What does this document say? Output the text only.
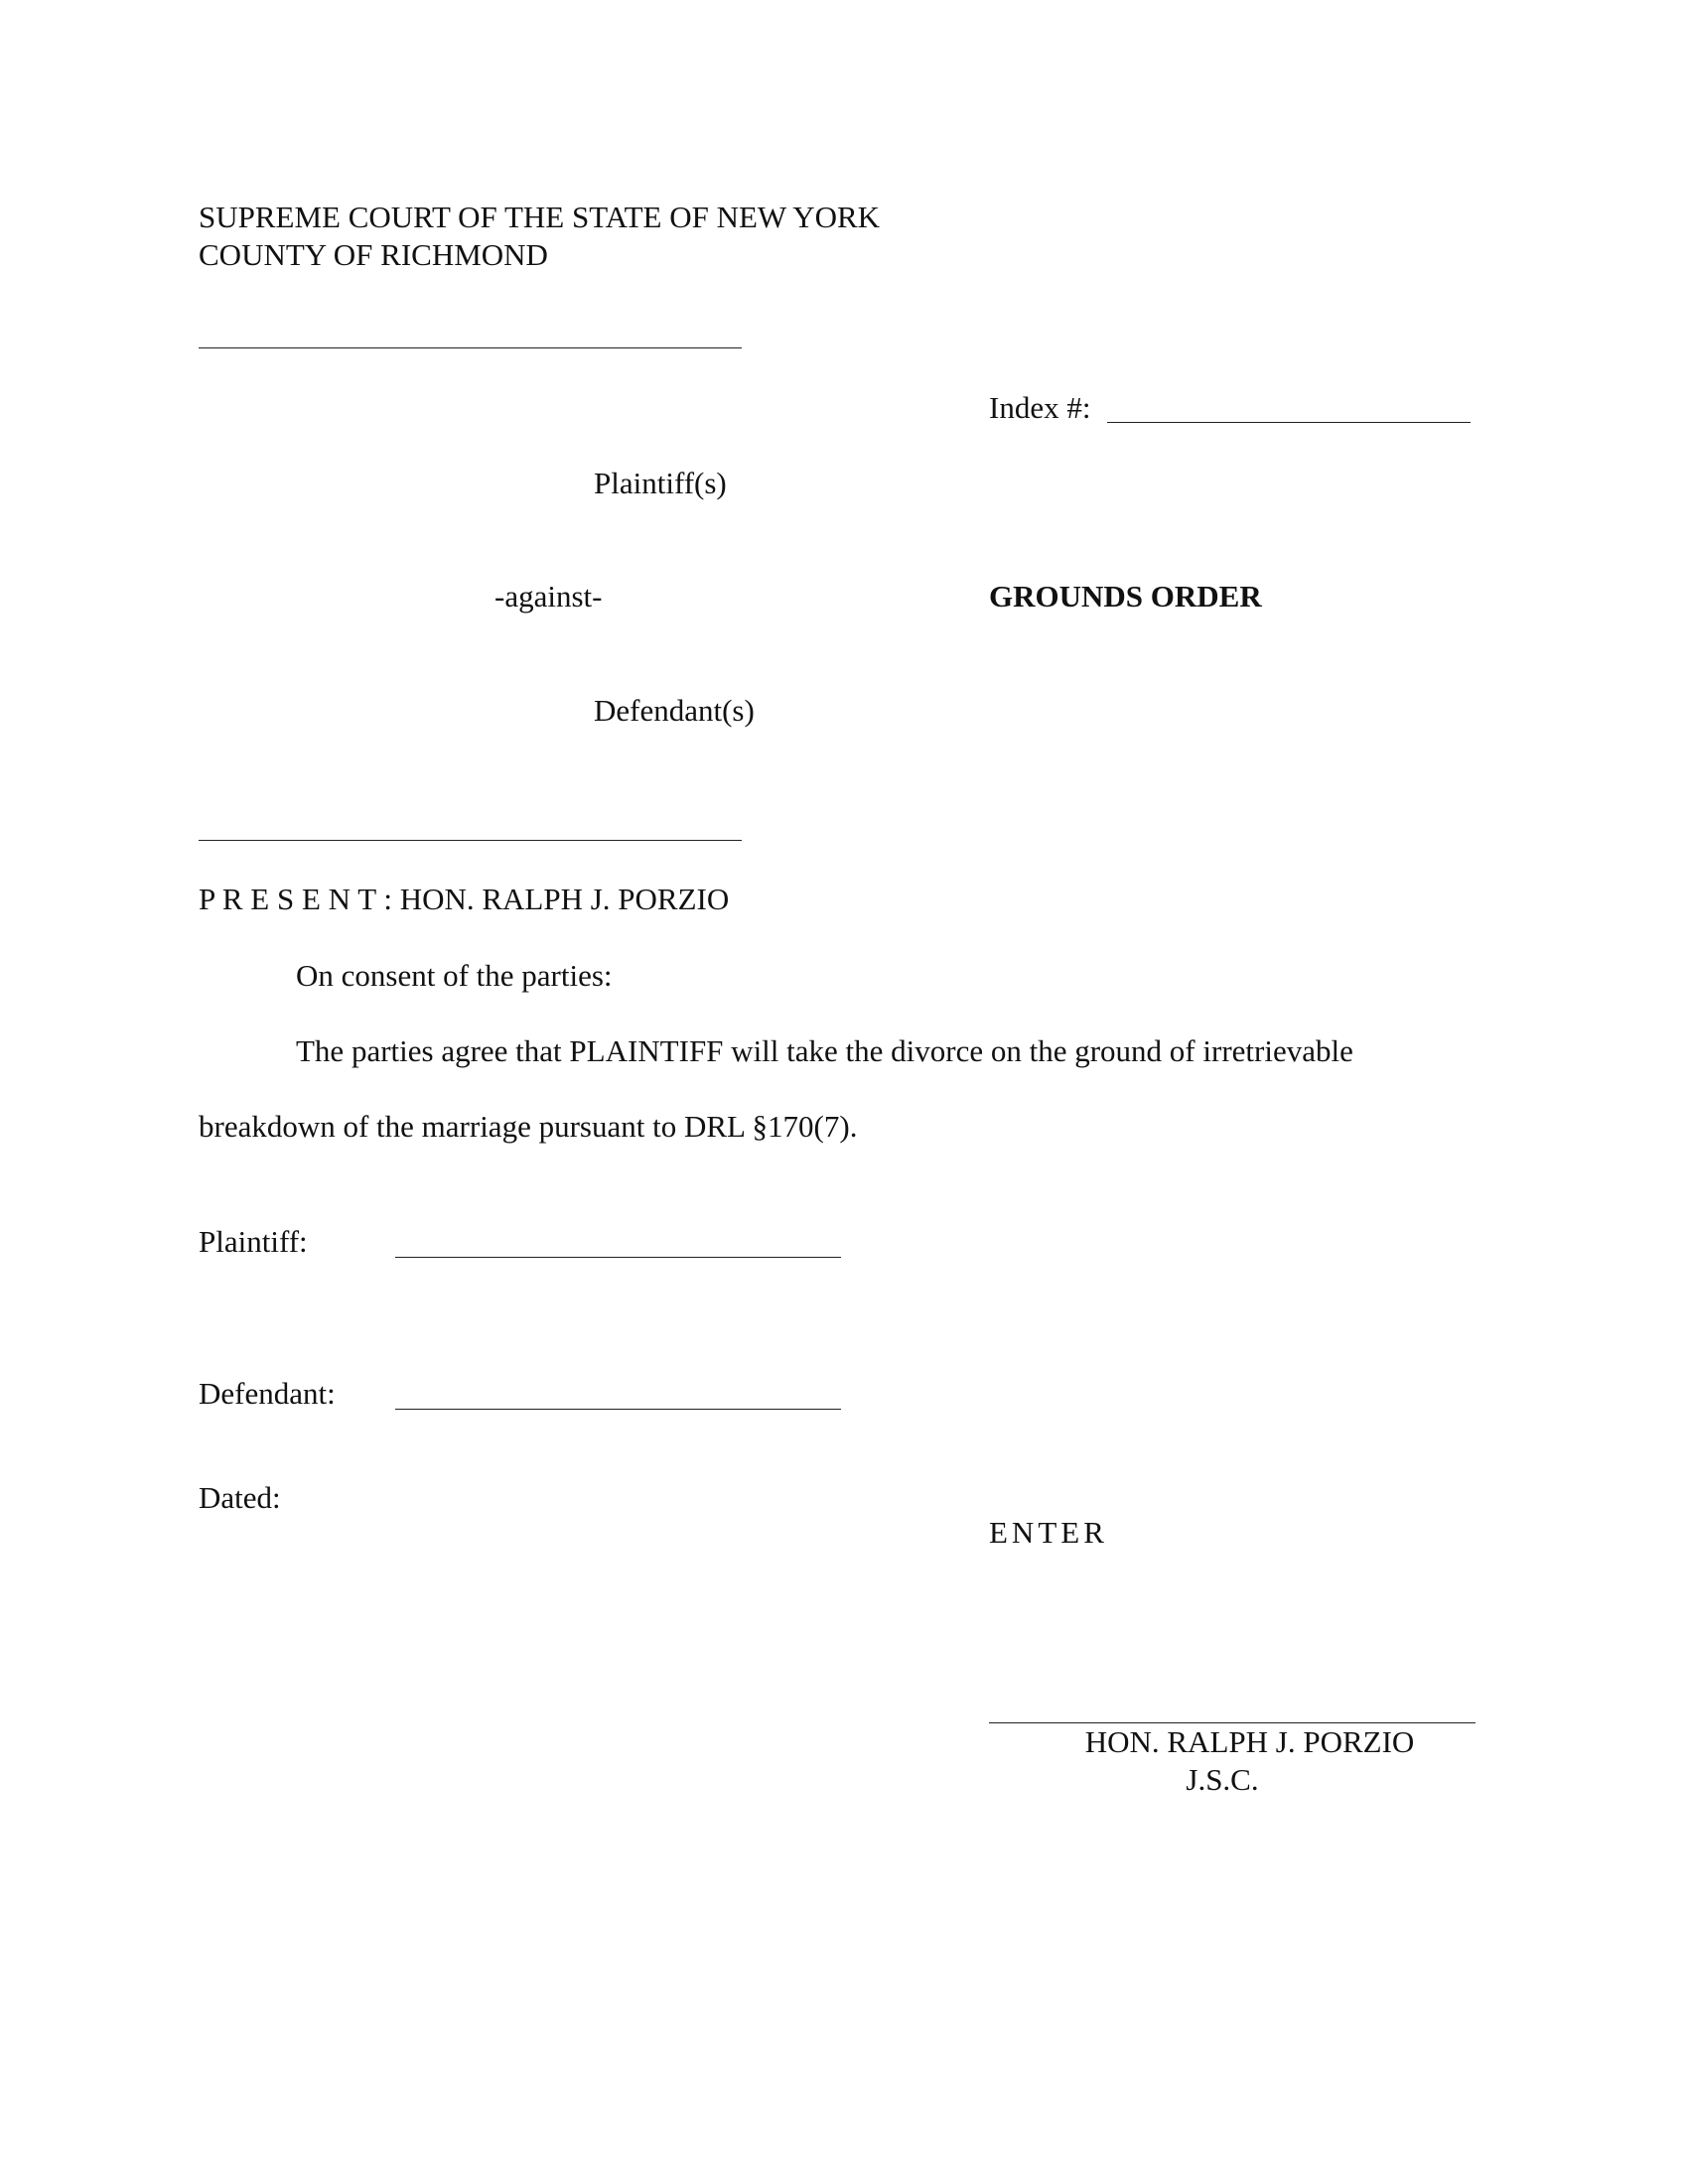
SUPREME COURT OF THE STATE OF NEW YORK
COUNTY OF RICHMOND
Index #:
Plaintiff(s)
-against-	GROUNDS ORDER
Defendant(s)
P R E S E N T : HON. RALPH J. PORZIO
On consent of the parties:
The parties agree that PLAINTIFF will take the divorce on the ground of irretrievable
breakdown of the marriage pursuant to DRL §170(7).
Plaintiff:
Defendant:
Dated:
ENTER
HON. RALPH J. PORZIO
J.S.C.
